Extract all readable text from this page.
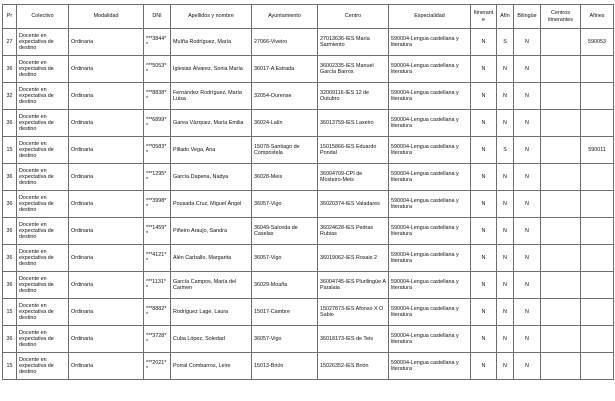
Pr	Colectivo	Modalidad	DNI	Apellidos y nombre	Ayuntamiento	Centro	Especialidad	Itinerante	Afín	Bilingüe	Centros itinerantes	Afines
27	Docente en expectativa de destino	Ordinaria	***3844**	Muíña Rodríguez, María	27066-Viveiro	27013636-IES María Sarmiento	590004-Lengua castellana y literatura	N	S	N		590053
36	Docente en expectativa de destino	Ordinaria	***5053**	Iglesias Álvarez, Sonia María	36017-A Estrada	36002335-IES Manuel García Barros	590004-Lengua castellana y literatura	N	N	N		
32	Docente en expectativa de destino	Ordinaria	***8838**	Fernández Rodríguez, María Luisa	32054-Ourense	32009116-IES 12 de Outubro	590004-Lengua castellana y literatura	N	N	N		
36	Docente en expectativa de destino	Ordinaria	***6899**	Garea Vázquez, María Emilia	36024-Lalín	36013759-IES Laxeiro	590004-Lengua castellana y literatura	N	N	N		
15	Docente en expectativa de destino	Ordinaria	***0583**	Pillado Vega, Ana	15078-Santiago de Compostela	15015866-IES Eduardo Pondal	590004-Lengua castellana y literatura	N	S	N		590011
36	Docente en expectativa de destino	Ordinaria	***1295**	García Dapena, Nadya	36028-Meis	36004709-CPI de Mosteiro-Meis	590004-Lengua castellana y literatura	N	N	N		
36	Docente en expectativa de destino	Ordinaria	***3998**	Pousada Cruz, Miguel Ángel	36057-Vigo	36020374-IES Valadares	590004-Lengua castellana y literatura	N	N	N		
36	Docente en expectativa de destino	Ordinaria	***1459**	Piñeiro Araujo, Sandra	36049-Salceda de Caselas	36024628-IES Pedras Rubias	590004-Lengua castellana y literatura	N	N	N		
36	Docente en expectativa de destino	Ordinaria	***4121**	Alén Carballo, Margarita	36057-Vigo	36019062-IES Rosais 2	590004-Lengua castellana y literatura	N	N	N		
36	Docente en expectativa de destino	Ordinaria	***1131**	García Campos, María del Carmen	36029-Moaña	36004745-IES Plurilingüe A Paralaia	590004-Lengua castellana y literatura	N	N	N		
15	Docente en expectativa de destino	Ordinaria	***8882**	Rodríguez Lage, Laura	15017-Cambre	15027873-IES Afonso X O Sabio	590004-Lengua castellana y literatura	N	N	N		
36	Docente en expectativa de destino	Ordinaria	***3728**	Cuba López, Soledad	36057-Vigo	36018173-IES de Teis	590004-Lengua castellana y literatura	N	N	N		
15	Docente en expectativa de destino	Ordinaria	***2021**	Porral Combarros, Leire	15013-Brión	15026352-IES Brión	590004-Lengua castellana y literatura	N	N	N		
